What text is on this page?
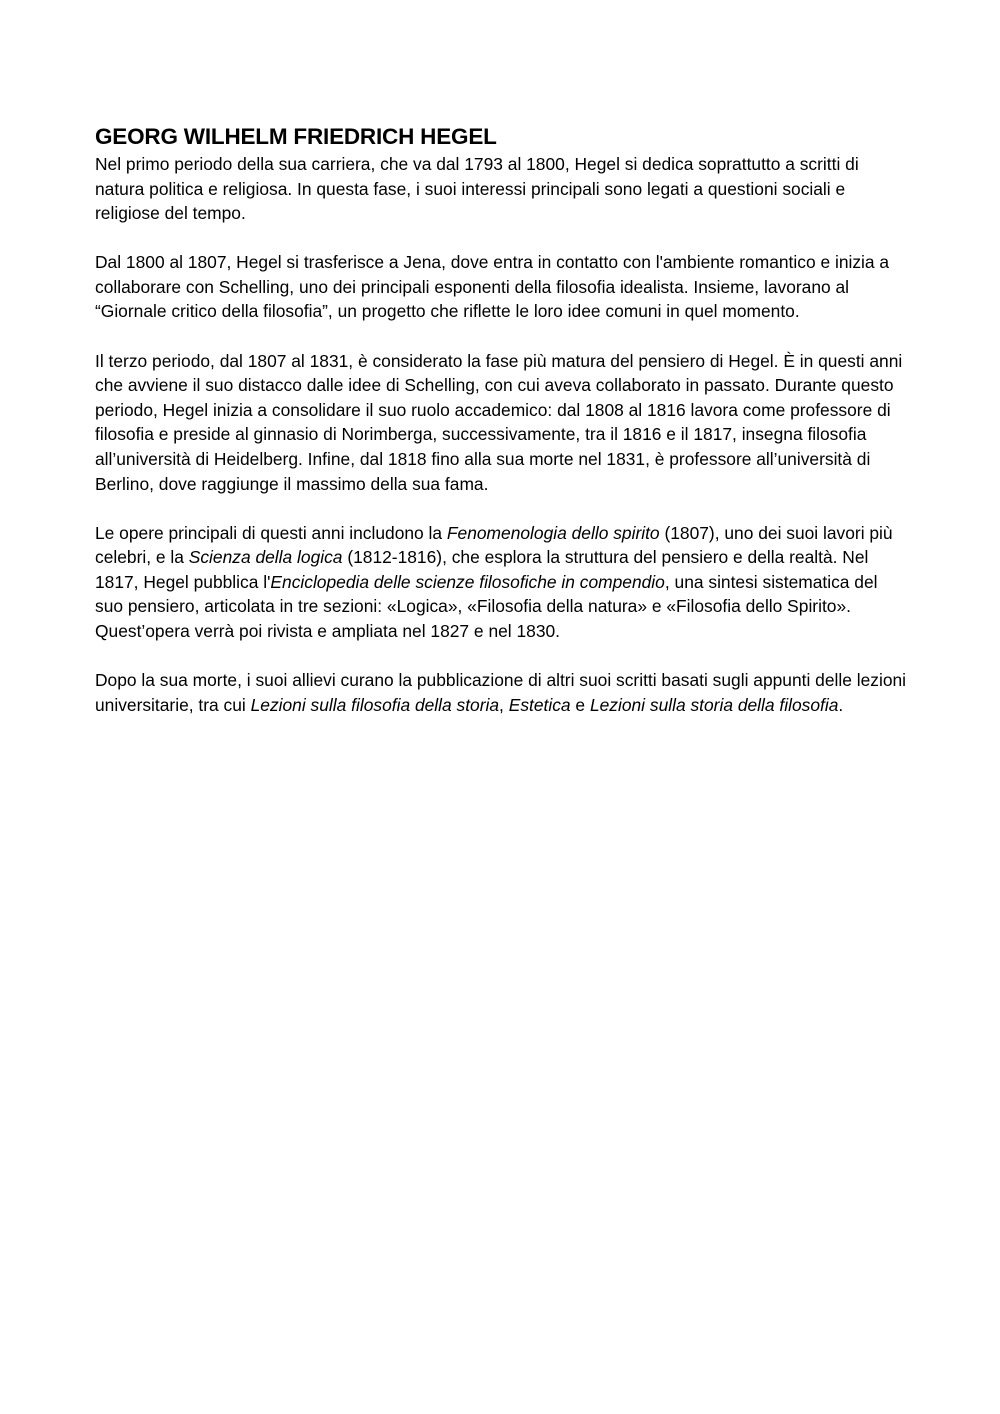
GEORG WILHELM FRIEDRICH HEGEL

Nel primo periodo della sua carriera, che va dal 1793 al 1800, Hegel si dedica soprattutto a scritti di natura politica e religiosa. In questa fase, i suoi interessi principali sono legati a questioni sociali e religiose del tempo.

Dal 1800 al 1807, Hegel si trasferisce a Jena, dove entra in contatto con l'ambiente romantico e inizia a collaborare con Schelling, uno dei principali esponenti della filosofia idealista. Insieme, lavorano al “Giornale critico della filosofia”, un progetto che riflette le loro idee comuni in quel momento.

Il terzo periodo, dal 1807 al 1831, è considerato la fase più matura del pensiero di Hegel. È in questi anni che avviene il suo distacco dalle idee di Schelling, con cui aveva collaborato in passato. Durante questo periodo, Hegel inizia a consolidare il suo ruolo accademico: dal 1808 al 1816 lavora come professore di filosofia e preside al ginnasio di Norimberga, successivamente, tra il 1816 e il 1817, insegna filosofia all’università di Heidelberg. Infine, dal 1818 fino alla sua morte nel 1831, è professore all’università di Berlino, dove raggiunge il massimo della sua fama.

Le opere principali di questi anni includono la Fenomenologia dello spirito (1807), uno dei suoi lavori più celebri, e la Scienza della logica (1812-1816), che esplora la struttura del pensiero e della realtà. Nel 1817, Hegel pubblica l'Enciclopedia delle scienze filosofiche in compendio, una sintesi sistematica del suo pensiero, articolata in tre sezioni: «Logica», «Filosofia della natura» e «Filosofia dello Spirito». Quest’opera verrà poi rivista e ampliata nel 1827 e nel 1830.

Dopo la sua morte, i suoi allievi curano la pubblicazione di altri suoi scritti basati sugli appunti delle lezioni universitarie, tra cui Lezioni sulla filosofia della storia, Estetica e Lezioni sulla storia della filosofia.
